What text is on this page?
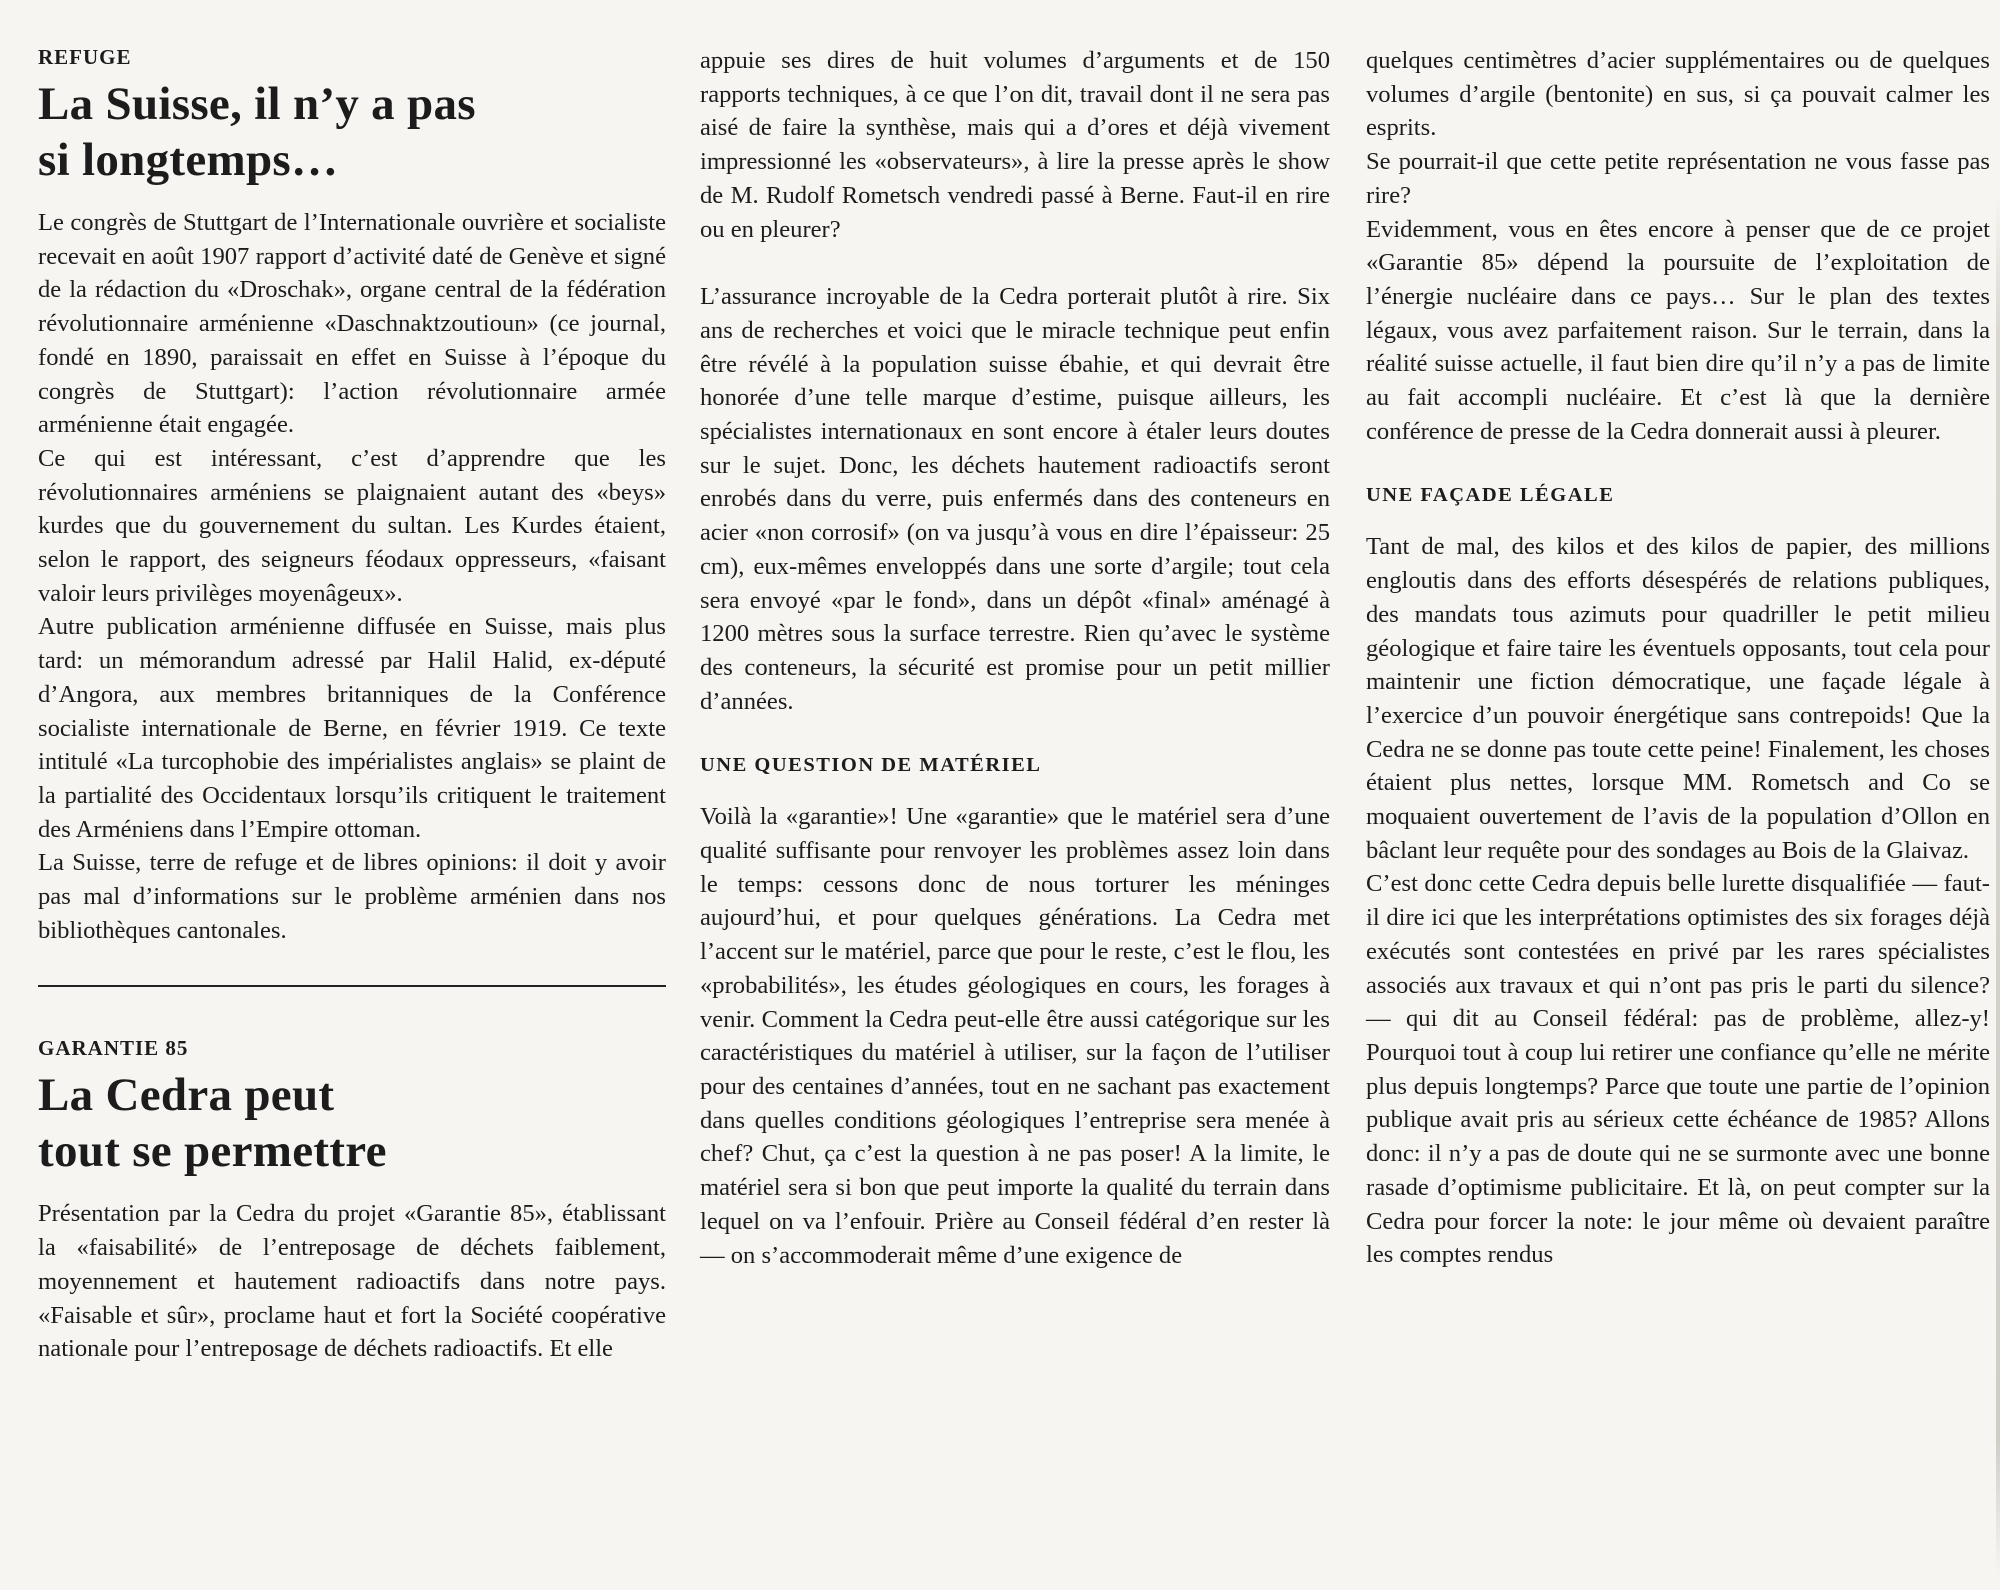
REFUGE
La Suisse, il n’y a pas
si longtemps…

Le congrès de Stuttgart de l’Internationale ouvrière et socialiste recevait en août 1907 rapport d’activité daté de Genève et signé de la rédaction du «Droschak», organe central de la fédération révolutionnaire arménienne «Daschnaktzoutioun» (ce journal, fondé en 1890, paraissait en effet en Suisse à l’époque du congrès de Stuttgart): l’action révolutionnaire armée arménienne était engagée.

Ce qui est intéressant, c’est d’apprendre que les révolutionnaires arméniens se plaignaient autant des «beys» kurdes que du gouvernement du sultan. Les Kurdes étaient, selon le rapport, des seigneurs féodaux oppresseurs, «faisant valoir leurs privilèges moyenâgeux».

Autre publication arménienne diffusée en Suisse, mais plus tard: un mémorandum adressé par Halil Halid, ex-député d’Angora, aux membres britanniques de la Conférence socialiste internationale de Berne, en février 1919. Ce texte intitulé «La turcophobie des impérialistes anglais» se plaint de la partialité des Occidentaux lorsqu’ils critiquent le traitement des Arméniens dans l’Empire ottoman.

La Suisse, terre de refuge et de libres opinions: il doit y avoir pas mal d’informations sur le problème arménien dans nos bibliothèques cantonales.

GARANTIE 85
La Cedra peut
tout se permettre

Présentation par la Cedra du projet «Garantie 85», établissant la «faisabilité» de l’entreposage de déchets faiblement, moyennement et hautement radioactifs dans notre pays. «Faisable et sûr», proclame haut et fort la Société coopérative nationale pour l’entreposage de déchets radioactifs. Et elle

appuie ses dires de huit volumes d’arguments et de 150 rapports techniques, à ce que l’on dit, travail dont il ne sera pas aisé de faire la synthèse, mais qui a d’ores et déjà vivement impressionné les «observateurs», à lire la presse après le show de M. Rudolf Rometsch vendredi passé à Berne. Faut-il en rire ou en pleurer?

L’assurance incroyable de la Cedra porterait plutôt à rire. Six ans de recherches et voici que le miracle technique peut enfin être révélé à la population suisse ébahie, et qui devrait être honorée d’une telle marque d’estime, puisque ailleurs, les spécialistes internationaux en sont encore à étaler leurs doutes sur le sujet. Donc, les déchets hautement radioactifs seront enrobés dans du verre, puis enfermés dans des conteneurs en acier «non corrosif» (on va jusqu’à vous en dire l’épaisseur: 25 cm), eux-mêmes enveloppés dans une sorte d’argile; tout cela sera envoyé «par le fond», dans un dépôt «final» aménagé à 1200 mètres sous la surface terrestre. Rien qu’avec le système des conteneurs, la sécurité est promise pour un petit millier d’années.

UNE QUESTION DE MATÉRIEL

Voilà la «garantie»! Une «garantie» que le matériel sera d’une qualité suffisante pour renvoyer les problèmes assez loin dans le temps: cessons donc de nous torturer les méninges aujourd’hui, et pour quelques générations. La Cedra met l’accent sur le matériel, parce que pour le reste, c’est le flou, les «probabilités», les études géologiques en cours, les forages à venir. Comment la Cedra peut-elle être aussi catégorique sur les caractéristiques du matériel à utiliser, sur la façon de l’utiliser pour des centaines d’années, tout en ne sachant pas exactement dans quelles conditions géologiques l’entreprise sera menée à chef? Chut, ça c’est la question à ne pas poser! A la limite, le matériel sera si bon que peut importe la qualité du terrain dans lequel on va l’enfouir. Prière au Conseil fédéral d’en rester là — on s’accommoderait même d’une exigence de

quelques centimètres d’acier supplémentaires ou de quelques volumes d’argile (bentonite) en sus, si ça pouvait calmer les esprits.

Se pourrait-il que cette petite représentation ne vous fasse pas rire?

Evidemment, vous en êtes encore à penser que de ce projet «Garantie 85» dépend la poursuite de l’exploitation de l’énergie nucléaire dans ce pays… Sur le plan des textes légaux, vous avez parfaitement raison. Sur le terrain, dans la réalité suisse actuelle, il faut bien dire qu’il n’y a pas de limite au fait accompli nucléaire. Et c’est là que la dernière conférence de presse de la Cedra donnerait aussi à pleurer.

UNE FAÇADE LÉGALE

Tant de mal, des kilos et des kilos de papier, des millions engloutis dans des efforts désespérés de relations publiques, des mandats tous azimuts pour quadriller le petit milieu géologique et faire taire les éventuels opposants, tout cela pour maintenir une fiction démocratique, une façade légale à l’exercice d’un pouvoir énergétique sans contrepoids! Que la Cedra ne se donne pas toute cette peine! Finalement, les choses étaient plus nettes, lorsque MM. Rometsch and Co se moquaient ouvertement de l’avis de la population d’Ollon en bâclant leur requête pour des sondages au Bois de la Glaivaz.

C’est donc cette Cedra depuis belle lurette disqualifiée — faut-il dire ici que les interprétations optimistes des six forages déjà exécutés sont contestées en privé par les rares spécialistes associés aux travaux et qui n’ont pas pris le parti du silence? — qui dit au Conseil fédéral: pas de problème, allez-y! Pourquoi tout à coup lui retirer une confiance qu’elle ne mérite plus depuis longtemps? Parce que toute une partie de l’opinion publique avait pris au sérieux cette échéance de 1985? Allons donc: il n’y a pas de doute qui ne se surmonte avec une bonne rasade d’optimisme publicitaire. Et là, on peut compter sur la Cedra pour forcer la note: le jour même où devaient paraître les comptes rendus
